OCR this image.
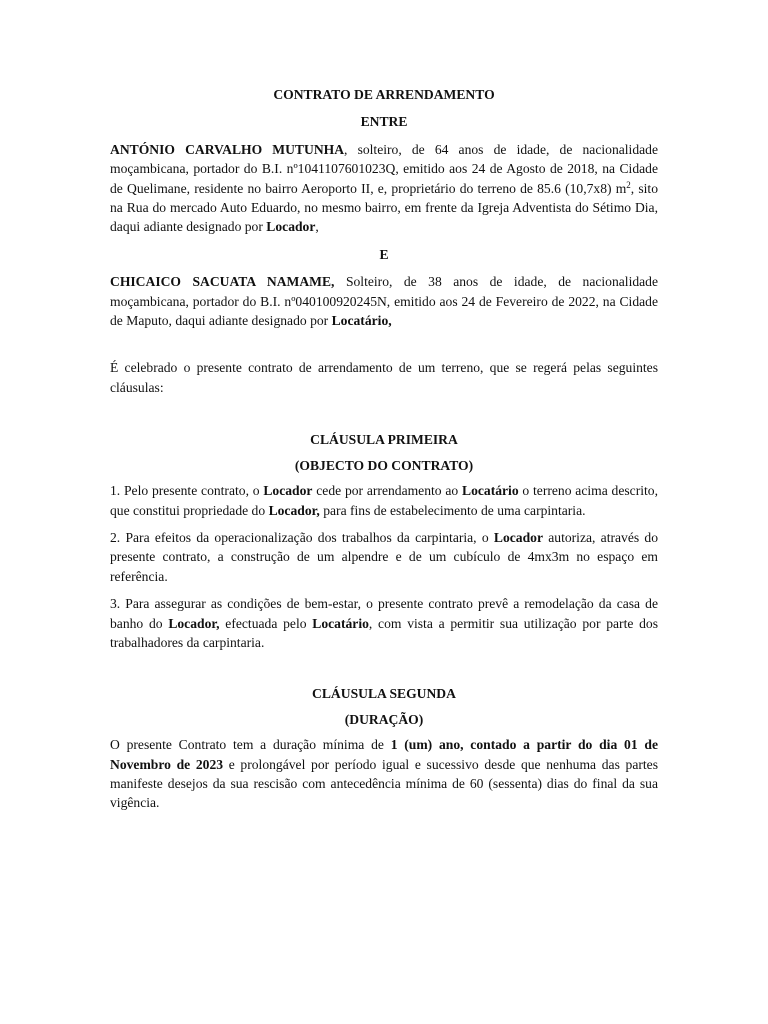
CONTRATO DE ARRENDAMENTO

ENTRE

ANTÓNIO CARVALHO MUTUNHA, solteiro, de 64 anos de idade, de nacionalidade moçambicana, portador do B.I. nº1041107601023Q, emitido aos 24 de Agosto de 2018, na Cidade de Quelimane, residente no bairro Aeroporto II, e, proprietário do terreno de 85.6 (10,7x8) $m^2$, sito na Rua do mercado Auto Eduardo, no mesmo bairro, em frente da Igreja Adventista do Sétimo Dia, daqui adiante designado por Locador,

E

CHICAICO SACUATA NAMAME, Solteiro, de 38 anos de idade, de nacionalidade moçambicana, portador do B.I. nº040100920245N, emitido aos 24 de Fevereiro de 2022, na Cidade de Maputo, daqui adiante designado por Locatário,

É celebrado o presente contrato de arrendamento de um terreno, que se regerá pelas seguintes cláusulas:

CLÁUSULA PRIMEIRA

(OBJECTO DO CONTRATO)

1. Pelo presente contrato, o Locador cede por arrendamento ao Locatário o terreno acima descrito, que constitui propriedade do Locador, para fins de estabelecimento de uma carpintaria.

2. Para efeitos da operacionalização dos trabalhos da carpintaria, o Locador autoriza, através do presente contrato, a construção de um alpendre e de um cubículo de 4mx3m no espaço em referência.

3. Para assegurar as condições de bem-estar, o presente contrato prevê a remodelação da casa de banho do Locador, efectuada pelo Locatário, com vista a permitir sua utilização por parte dos trabalhadores da carpintaria.

CLÁUSULA SEGUNDA

(DURAÇÃO)

O presente Contrato tem a duração mínima de 1 (um) ano, contado a partir do dia 01 de Novembro de 2023 e prolongável por período igual e sucessivo desde que nenhuma das partes manifeste desejos da sua rescisão com antecedência mínima de 60 (sessenta) dias do final da sua vigência.
